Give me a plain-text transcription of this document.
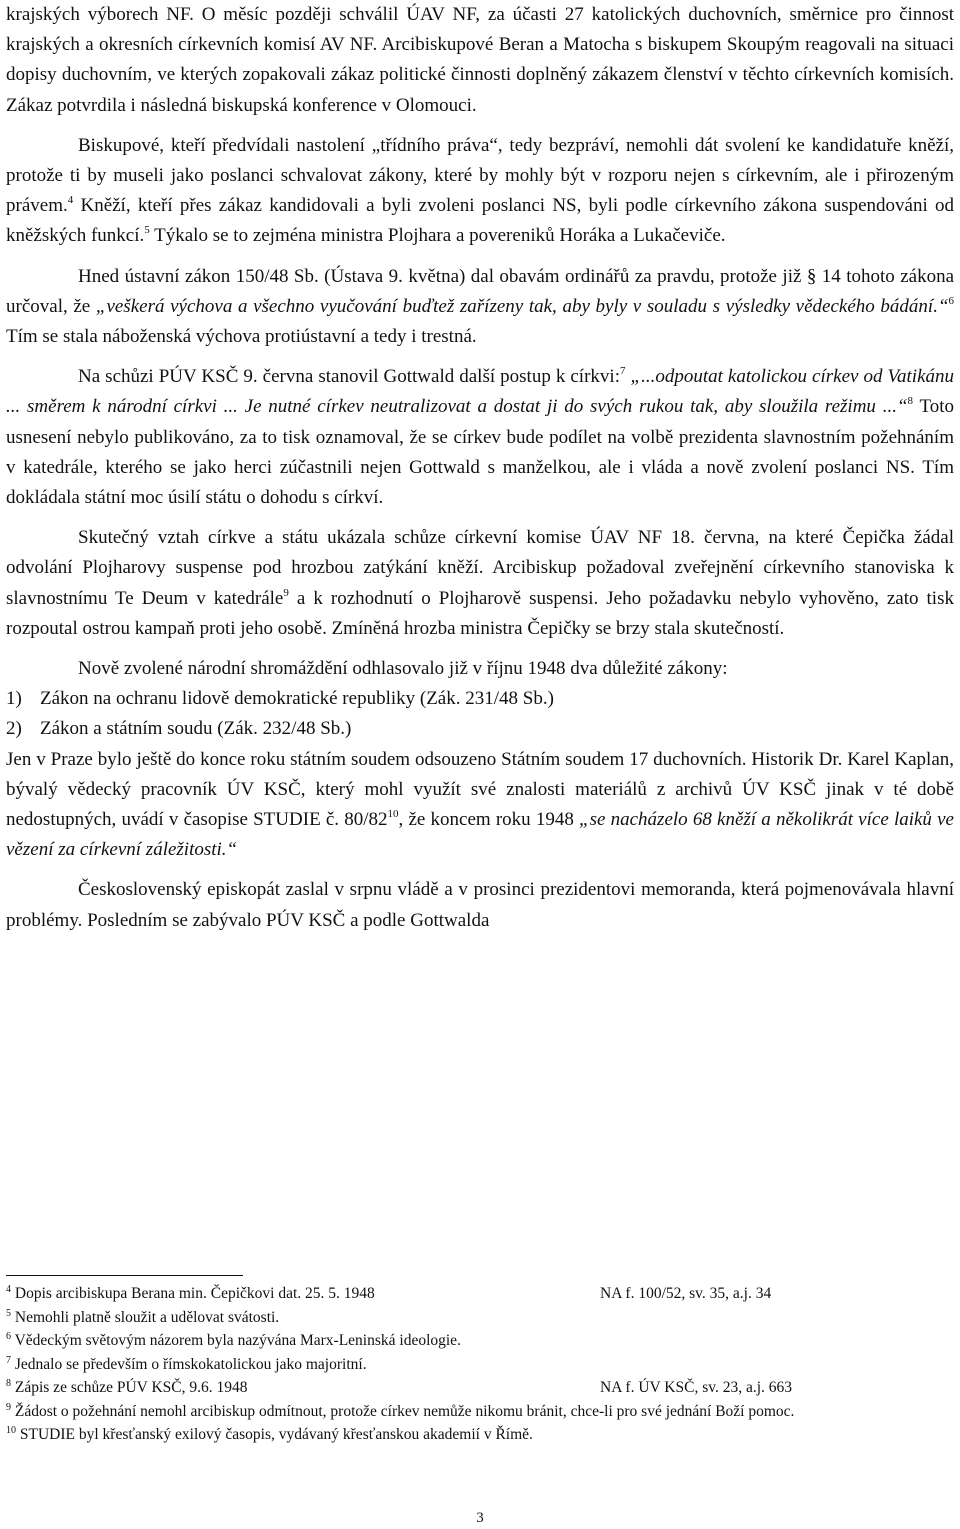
krajských výborech NF. O měsíc později schválil ÚAV NF, za účasti 27 katolických duchovních, směrnice pro činnost krajských a okresních církevních komisí AV NF. Arcibiskupové Beran a Matocha s biskupem Skoupým reagovali na situaci dopisy duchovním, ve kterých zopakovali zákaz politické činnosti doplněný zákazem členství v těchto církevních komisích. Zákaz potvrdila i následná biskupská konference v Olomouci.

Biskupové, kteří předvídali nastolení „třídního práva“, tedy bezpráví, nemohli dát svolení ke kandidatuře kněží, protože ti by museli jako poslanci schvalovat zákony, které by mohly být v rozporu nejen s církevním, ale i přirozeným právem.$^4$ Kněží, kteří přes zákaz kandidovali a byli zvoleni poslanci NS, byli podle církevního zákona suspendováni od kněžských funkcí.$^5$ Týkalo se to zejména ministra Plojhara a povereniků Horáka a Lukačeviče.

Hned ústavní zákon 150/48 Sb. (Ústava 9. května) dal obavám ordinářů za pravdu, protože již § 14 tohoto zákona určoval, že „veškerá výchova a všechno vyučování buďtež zařízeny tak, aby byly v souladu s výsledky vědeckého bádání.“$^6$ Tím se stala náboženská výchova protiústavní a tedy i trestná.

Na schůzi PÚV KSČ 9. června stanovil Gottwald další postup k církvi:$^7$ „...odpoutat katolickou církev od Vatikánu ... směrem k národní církvi ... Je nutné církev neutralizovat a dostat ji do svých rukou tak, aby sloužila režimu ...“$^8$ Toto usnesení nebylo publikováno, za to tisk oznamoval, že se církev bude podílet na volbě prezidenta slavnostním požehnáním v katedrále, kterého se jako herci zúčastnili nejen Gottwald s manželkou, ale i vláda a nově zvolení poslanci NS. Tím dokládala státní moc úsilí státu o dohodu s církví.

Skutečný vztah církve a státu ukázala schůze církevní komise ÚAV NF 18. června, na které Čepička žádal odvolání Plojharovy suspense pod hrozbou zatýkání kněží. Arcibiskup požadoval zveřejnění církevního stanoviska k slavnostnímu Te Deum v katedrále$^9$ a k rozhodnutí o Plojharově suspensi. Jeho požadavku nebylo vyhověno, zato tisk rozpoutal ostrou kampaň proti jeho osobě. Zmíněná hrozba ministra Čepičky se brzy stala skutečností.

Nově zvolené národní shromáždění odhlasovalo již v říjnu 1948 dva důležité zákony:

1) Zákon na ochranu lidově demokratické republiky (Zák. 231/48 Sb.)
2) Zákon a státním soudu (Zák. 232/48 Sb.)

Jen v Praze bylo ještě do konce roku státním soudem odsouzeno Státním soudem 17 duchovních. Historik Dr. Karel Kaplan, bývalý vědecký pracovník ÚV KSČ, který mohl využít své znalosti materiálů z archivů ÚV KSČ jinak v té době nedostupných, uvádí v časopise STUDIE č. $80/82^{10}$, že koncem roku 1948 „se nacházelo 68 kněží a několikrát více laiků ve vězení za církevní záležitosti.“

Československý episkopát zaslal v srpnu vládě a v prosinci prezidentovi memoranda, která pojmenovávala hlavní problémy. Posledním se zabývalo PÚV KSČ a podle Gottwalda

$^4$ Dopis arcibiskupa Berana min. Čepičkovi dat. 25. 5. 1948	NA f. 100/52, sv. 35, a.j. 34
$^5$ Nemohli platně sloužit a udělovat svátosti.
$^6$ Vědeckým světovým názorem byla nazývána Marx-Leninská ideologie.
$^7$ Jednalo se především o římskokatolickou jako majoritní.
$^8$ Zápis ze schůze PÚV KSČ, 9.6. 1948	NA f. ÚV KSČ, sv. 23, a.j. 663
$^9$ Žádost o požehnání nemohl arcibiskup odmítnout, protože církev nemůže nikomu bránit, chce-li pro své jednání Boží pomoc.
$^{10}$ STUDIE byl křesťanský exilový časopis, vydávaný křesťanskou akademií v Římě.
3
